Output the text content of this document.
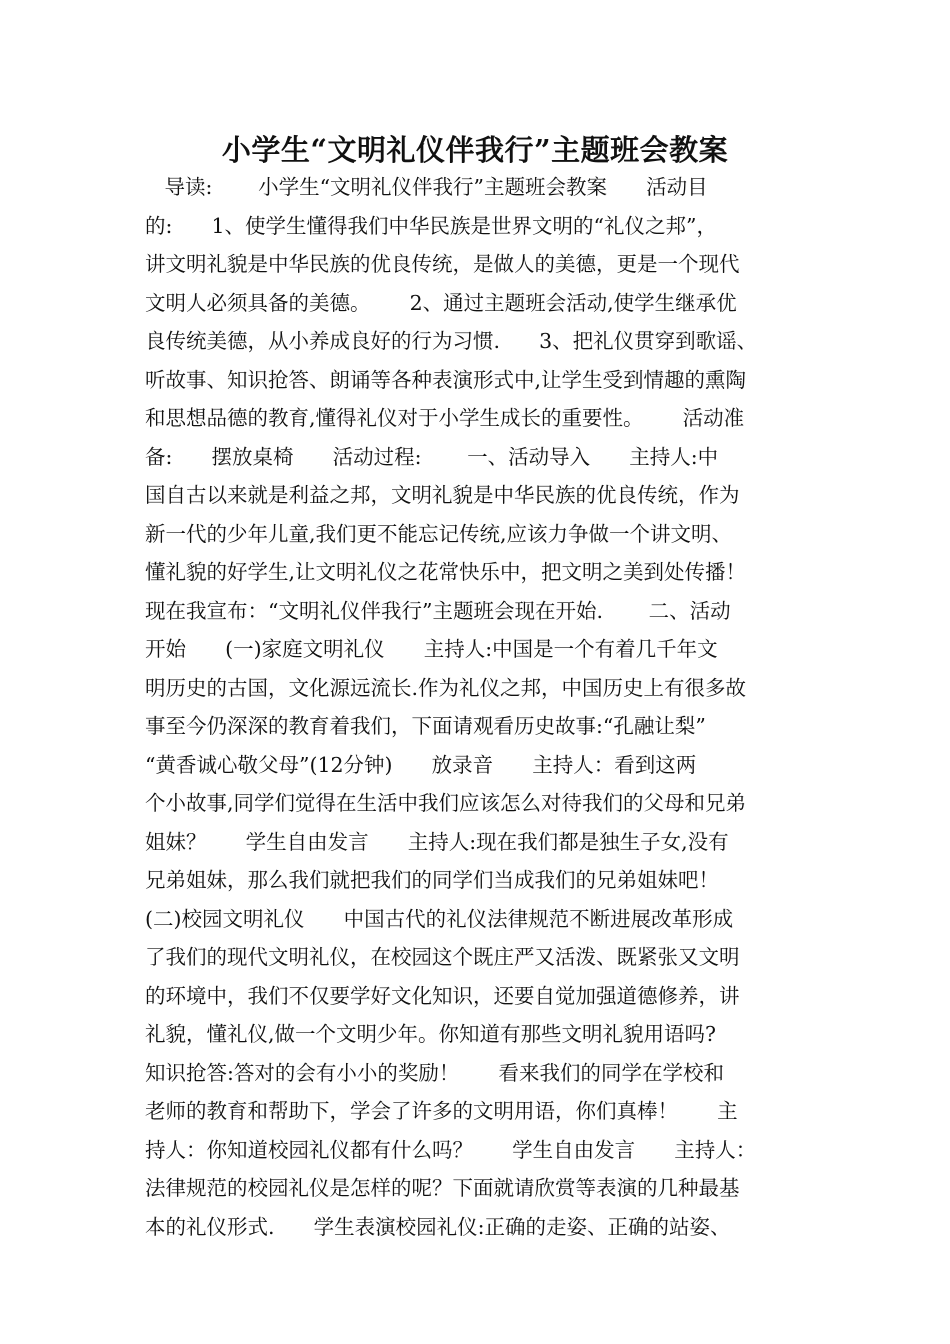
小学生“文明礼仪伴我行”主题班会教案
导读:       小学生“文明礼仪伴我行”主题班会教案      活动目
的:      1、使学生懂得我们中华民族是世界文明的“礼仪之邦”，
讲文明礼貌是中华民族的优良传统，是做人的美德，更是一个现代
文明人必须具备的美德。      2、通过主题班会活动,使学生继承优
良传统美德，从小养成良好的行为习惯.      3、把礼仪贯穿到歌谣、
听故事、知识抢答、朗诵等各种表演形式中,让学生受到情趣的熏陶
和思想品德的教育,懂得礼仪对于小学生成长的重要性。      活动准
备:      摆放桌椅      活动过程:       一、活动导入      主持人:中
国自古以来就是利益之邦，文明礼貌是中华民族的优良传统，作为
新一代的少年儿童,我们更不能忘记传统,应该力争做一个讲文明、
懂礼貌的好学生,让文明礼仪之花常快乐中，把文明之美到处传播！
现在我宣布：“文明礼仪伴我行”主题班会现在开始.       二、活动
开始      (一)家庭文明礼仪      主持人:中国是一个有着几千年文
明历史的古国，文化源远流长.作为礼仪之邦，中国历史上有很多故
事至今仍深深的教育着我们，下面请观看历史故事:“孔融让梨”
“黄香诚心敬父母”(12分钟)      放录音      主持人：看到这两
个小故事,同学们觉得在生活中我们应该怎么对待我们的父母和兄弟
姐妹？      学生自由发言      主持人:现在我们都是独生子女,没有
兄弟姐妹，那么我们就把我们的同学们当成我们的兄弟姐妹吧！
(二)校园文明礼仪      中国古代的礼仪法律规范不断进展改革形成
了我们的现代文明礼仪，在校园这个既庄严又活泼、既紧张又文明
的环境中，我们不仅要学好文化知识，还要自觉加强道德修养，讲
礼貌，懂礼仪,做一个文明少年。你知道有那些文明礼貌用语吗?
知识抢答:答对的会有小小的奖励！      看来我们的同学在学校和
老师的教育和帮助下，学会了许多的文明用语，你们真棒！      主
持人：你知道校园礼仪都有什么吗？      学生自由发言      主持人：
法律规范的校园礼仪是怎样的呢？下面就请欣赏等表演的几种最基
本的礼仪形式.      学生表演校园礼仪:正确的走姿、正确的站姿、
